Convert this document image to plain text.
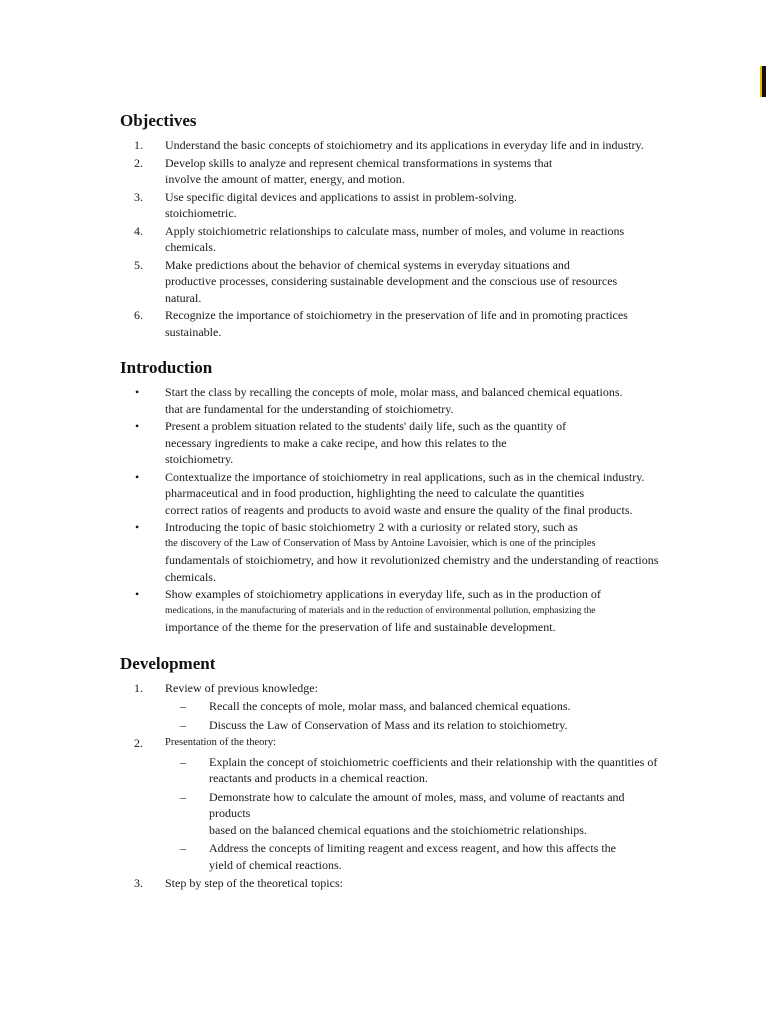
Objectives
1.	Understand the basic concepts of stoichiometry and its applications in everyday life and in industry.
2.	Develop skills to analyze and represent chemical transformations in systems that
involve the amount of matter, energy, and motion.
3.	Use specific digital devices and applications to assist in problem-solving.
stoichiometric.
4.	Apply stoichiometric relationships to calculate mass, number of moles, and volume in reactions
chemicals.
5.	Make predictions about the behavior of chemical systems in everyday situations and
productive processes, considering sustainable development and the conscious use of resources
natural.
6.	Recognize the importance of stoichiometry in the preservation of life and in promoting practices
sustainable.
Introduction
•	Start the class by recalling the concepts of mole, molar mass, and balanced chemical equations.
that are fundamental for the understanding of stoichiometry.
•	Present a problem situation related to the students' daily life, such as the quantity of
necessary ingredients to make a cake recipe, and how this relates to the
stoichiometry.
•	Contextualize the importance of stoichiometry in real applications, such as in the chemical industry.
pharmaceutical and in food production, highlighting the need to calculate the quantities
correct ratios of reagents and products to avoid waste and ensure the quality of the final products.
•	Introducing the topic of basic stoichiometry 2 with a curiosity or related story, such as
the discovery of the Law of Conservation of Mass by Antoine Lavoisier, which is one of the principles
fundamentals of stoichiometry, and how it revolutionized chemistry and the understanding of reactions
chemicals.
•	Show examples of stoichiometry applications in everyday life, such as in the production of
medications, in the manufacturing of materials and in the reduction of environmental pollution, emphasizing the
importance of the theme for the preservation of life and sustainable development.
Development
1.	Review of previous knowledge:
–	Recall the concepts of mole, molar mass, and balanced chemical equations.
–	Discuss the Law of Conservation of Mass and its relation to stoichiometry.
2.	Presentation of the theory:
–	Explain the concept of stoichiometric coefficients and their relationship with the quantities of
reactants and products in a chemical reaction.
–	Demonstrate how to calculate the amount of moles, mass, and volume of reactants and products
based on the balanced chemical equations and the stoichiometric relationships.
–	Address the concepts of limiting reagent and excess reagent, and how this affects the
yield of chemical reactions.
3.	Step by step of the theoretical topics:
